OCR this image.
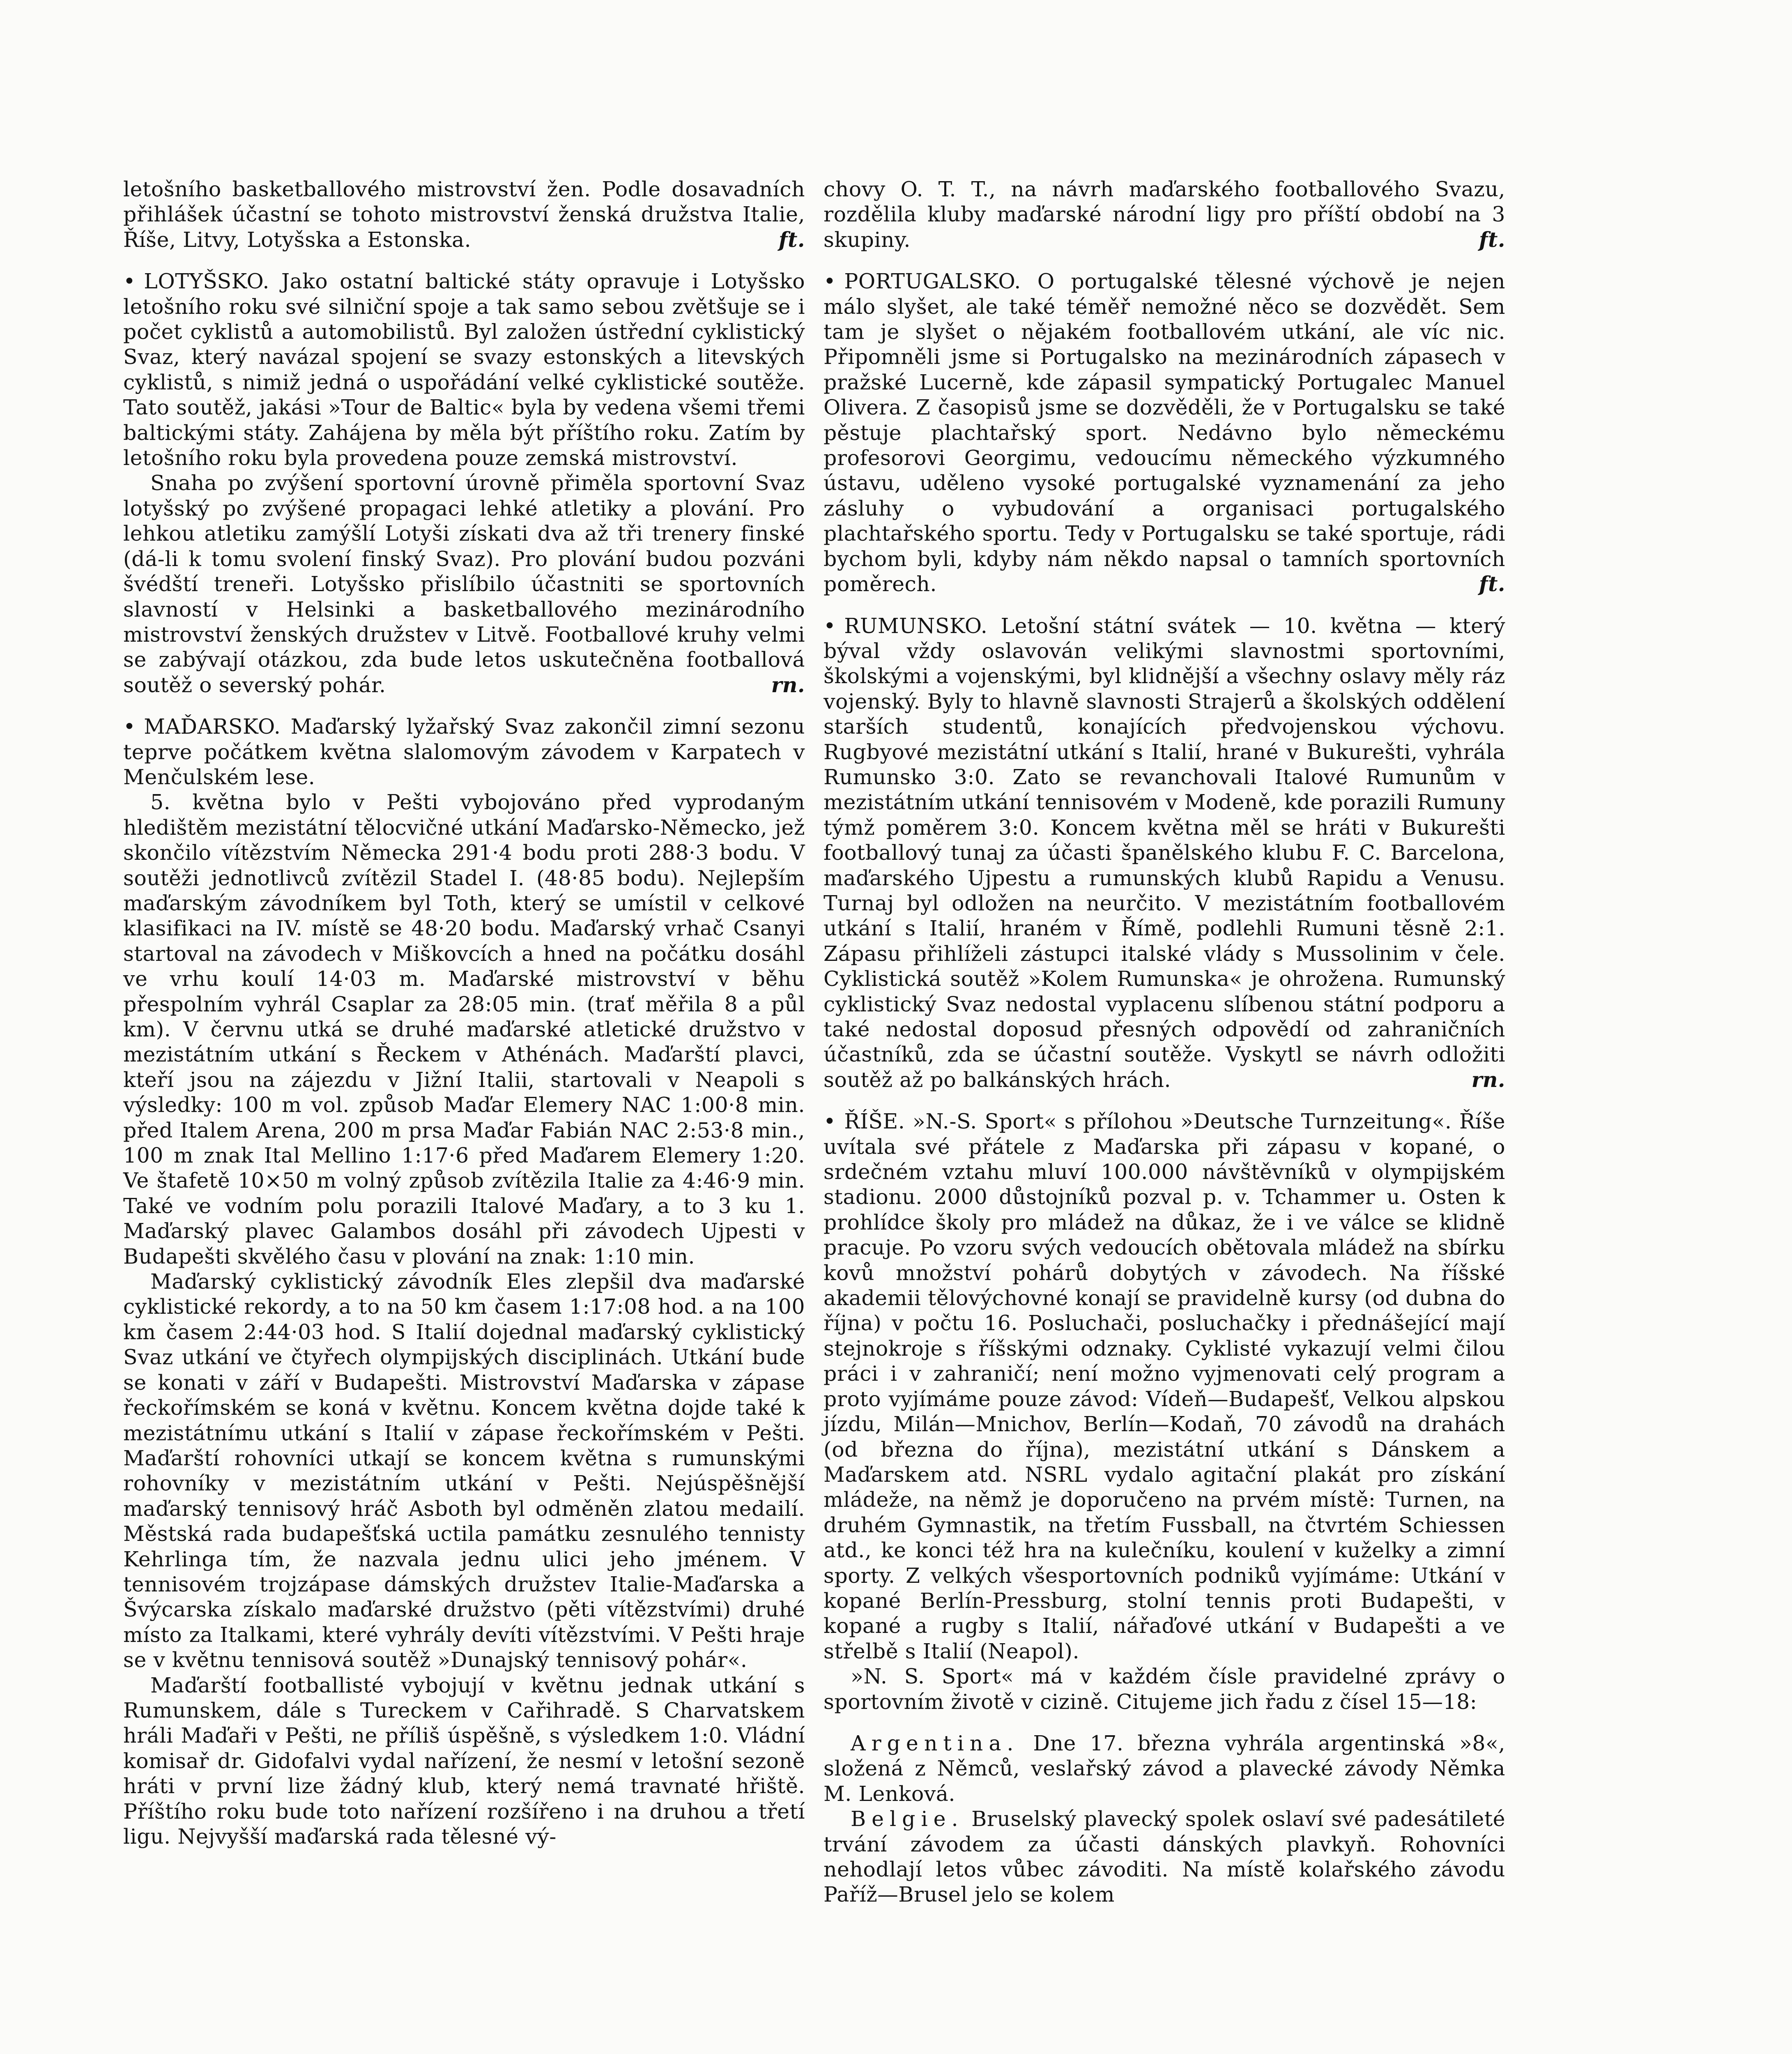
letošního basketballového mistrovství žen. Podle dosavadních přihlášek účastní se tohoto mistrovství ženská družstva Italie, Říše, Litvy, Lotyšska a Estonska.	ft.

• LOTYŠSKO. Jako ostatní baltické státy opravuje i Lotyšsko letošního roku své silniční spoje a tak samo sebou zvětšuje se i počet cyklistů a automobilistů. Byl založen ústřední cyklistický Svaz, který navázal spojení se svazy estonských a litevských cyklistů, s nimiž jedná o uspořádání velké cyklistické soutěže. Tato soutěž, jakási »Tour de Baltic« byla by vedena všemi třemi baltickými státy. Zahájena by měla být příštího roku. Zatím by letošního roku byla provedena pouze zemská mistrovství.

Snaha po zvýšení sportovní úrovně přiměla sportovní Svaz lotyšský po zvýšené propagaci lehké atletiky a plování. Pro lehkou atletiku zamýšlí Lotyši získati dva až tři trenery finské (dá-li k tomu svolení finský Svaz). Pro plování budou pozváni švédští treneři. Lotyšsko přislíbilo účastniti se sportovních slavností v Helsinki a basketballového mezinárodního mistrovství ženských družstev v Litvě. Footballové kruhy velmi se zabývají otázkou, zda bude letos uskutečněna footballová soutěž o severský pohár.	rn.

• MAĎARSKO. Maďarský lyžařský Svaz zakončil zimní sezonu teprve počátkem května slalomovým závodem v Karpatech v Menčulském lese.

5. května bylo v Pešti vybojováno před vyprodaným hledištěm mezistátní tělocvičné utkání Maďarsko-Německo, jež skončilo vítězstvím Německa 291·4 bodu proti 288·3 bodu. V soutěži jednotlivců zvítězil Stadel I. (48·85 bodu). Nejlepším maďarským závodníkem byl Toth, který se umístil v celkové klasifikaci na IV. místě se 48·20 bodu. Maďarský vrhač Csanyi startoval na závodech v Miškovcích a hned na počátku dosáhl ve vrhu koulí 14·03 m. Maďarské mistrovství v běhu přespolním vyhrál Csaplar za 28:05 min. (trať měřila 8 a půl km). V červnu utká se druhé maďarské atletické družstvo v mezistátním utkání s Řeckem v Athénách. Maďarští plavci, kteří jsou na zájezdu v Jižní Italii, startovali v Neapoli s výsledky: 100 m vol. způsob Maďar Elemery NAC 1:00·8 min. před Italem Arena, 200 m prsa Maďar Fabián NAC 2:53·8 min., 100 m znak Ital Mellino 1:17·6 před Maďarem Elemery 1:20. Ve štafetě 10×50 m volný způsob zvítězila Italie za 4:46·9 min. Také ve vodním polu porazili Italové Maďary, a to 3 ku 1. Maďarský plavec Galambos dosáhl při závodech Ujpesti v Budapešti skvělého času v plování na znak: 1:10 min.

Maďarský cyklistický závodník Eles zlepšil dva maďarské cyklistické rekordy, a to na 50 km časem 1:17:08 hod. a na 100 km časem 2:44·03 hod. S Italií dojednal maďarský cyklistický Svaz utkání ve čtyřech olympijských disciplinách. Utkání bude se konati v září v Budapešti. Mistrovství Maďarska v zápase řeckořímském se koná v květnu. Koncem května dojde také k mezistátnímu utkání s Italií v zápase řeckořímském v Pešti. Maďarští rohovníci utkají se koncem května s rumunskými rohovníky v mezistátním utkání v Pešti. Nejúspěšnější maďarský tennisový hráč Asboth byl odměněn zlatou medailí. Městská rada budapešťská uctila památku zesnulého tennisty Kehrlinga tím, že nazvala jednu ulici jeho jménem. V tennisovém trojzápase dámských družstev Italie-Maďarska a Švýcarska získalo maďarské družstvo (pěti vítězstvími) druhé místo za Italkami, které vyhrály devíti vítězstvími. V Pešti hraje se v květnu tennisová soutěž »Dunajský tennisový pohár«.

Maďarští footballisté vybojují v květnu jednak utkání s Rumunskem, dále s Tureckem v Cařihradě. S Charvatskem hráli Maďaři v Pešti, ne příliš úspěšně, s výsledkem 1:0. Vládní komisař dr. Gidofalvi vydal nařízení, že nesmí v letošní sezoně hráti v první lize žádný klub, který nemá travnaté hřiště. Příštího roku bude toto nařízení rozšířeno i na druhou a třetí ligu. Nejvyšší maďarská rada tělesné vý-

chovy O. T. T., na návrh maďarského footballového Svazu, rozdělila kluby maďarské národní ligy pro příští období na 3 skupiny.	ft.

• PORTUGALSKO. O portugalské tělesné výchově je nejen málo slyšet, ale také téměř nemožné něco se dozvědět. Sem tam je slyšet o nějakém footballovém utkání, ale víc nic. Připomněli jsme si Portugalsko na mezinárodních zápasech v pražské Lucerně, kde zápasil sympatický Portugalec Manuel Olivera. Z časopisů jsme se dozvěděli, že v Portugalsku se také pěstuje plachtařský sport. Nedávno bylo německému profesorovi Georgimu, vedoucímu německého výzkumného ústavu, uděleno vysoké portugalské vyznamenání za jeho zásluhy o vybudování a organisaci portugalského plachtařského sportu. Tedy v Portugalsku se také sportuje, rádi bychom byli, kdyby nám někdo napsal o tamních sportovních poměrech.	ft.

• RUMUNSKO. Letošní státní svátek — 10. května — který býval vždy oslavován velikými slavnostmi sportovními, školskými a vojenskými, byl klidnější a všechny oslavy měly ráz vojenský. Byly to hlavně slavnosti Strajerů a školských oddělení starších studentů, konajících předvojenskou výchovu. Rugbyové mezistátní utkání s Italií, hrané v Bukurešti, vyhrála Rumunsko 3:0. Zato se revanchovali Italové Rumunům v mezistátním utkání tennisovém v Modeně, kde porazili Rumuny týmž poměrem 3:0. Koncem května měl se hráti v Bukurešti footballový tunaj za účasti španělského klubu F. C. Barcelona, maďarského Ujpestu a rumunských klubů Rapidu a Venusu. Turnaj byl odložen na neurčito. V mezistátním footballovém utkání s Italií, hraném v Římě, podlehli Rumuni těsně 2:1. Zápasu přihlíželi zástupci italské vlády s Mussolinim v čele. Cyklistická soutěž »Kolem Rumunska« je ohrožena. Rumunský cyklistický Svaz nedostal vyplacenu slíbenou státní podporu a také nedostal doposud přesných odpovědí od zahraničních účastníků, zda se účastní soutěže. Vyskytl se návrh odložiti soutěž až po balkánských hrách.	rn.

• ŘÍŠE. »N.-S. Sport« s přílohou »Deutsche Turnzeitung«. Říše uvítala své přátele z Maďarska při zápasu v kopané, o srdečném vztahu mluví 100.000 návštěvníků v olympijském stadionu. 2000 důstojníků pozval p. v. Tchammer u. Osten k prohlídce školy pro mládež na důkaz, že i ve válce se klidně pracuje. Po vzoru svých vedoucích obětovala mládež na sbírku kovů množství pohárů dobytých v závodech. Na říšské akademii tělovýchovné konají se pravidelně kursy (od dubna do října) v počtu 16. Posluchači, posluchačky i přednášející mají stejnokroje s říšskými odznaky. Cyklisté vykazují velmi čilou práci i v zahraničí; není možno vyjmenovati celý program a proto vyjímáme pouze závod: Vídeň—Budapešť, Velkou alpskou jízdu, Milán—Mnichov, Berlín—Kodaň, 70 závodů na drahách (od března do října), mezistátní utkání s Dánskem a Maďarskem atd. NSRL vydalo agitační plakát pro získání mládeže, na němž je doporučeno na prvém místě: Turnen, na druhém Gymnastik, na třetím Fussball, na čtvrtém Schiessen atd., ke konci též hra na kulečníku, koulení v kuželky a zimní sporty. Z velkých všesportovních podniků vyjímáme: Utkání v kopané Berlín-Pressburg, stolní tennis proti Budapešti, v kopané a rugby s Italií, nářaďové utkání v Budapešti a ve střelbě s Italií (Neapol).

»N. S. Sport« má v každém čísle pravidelné zprávy o sportovním životě v cizině. Citujeme jich řadu z čísel 15—18:

Argentina. Dne 17. března vyhrála argentinská »8«, složená z Němců, veslařský závod a plavecké závody Němka M. Lenková.

Belgie. Bruselský plavecký spolek oslaví své padesátileté trvání závodem za účasti dánských plavkyň. Rohovníci nehodlají letos vůbec závoditi. Na místě kolařského závodu Paříž—Brusel jelo se kolem
